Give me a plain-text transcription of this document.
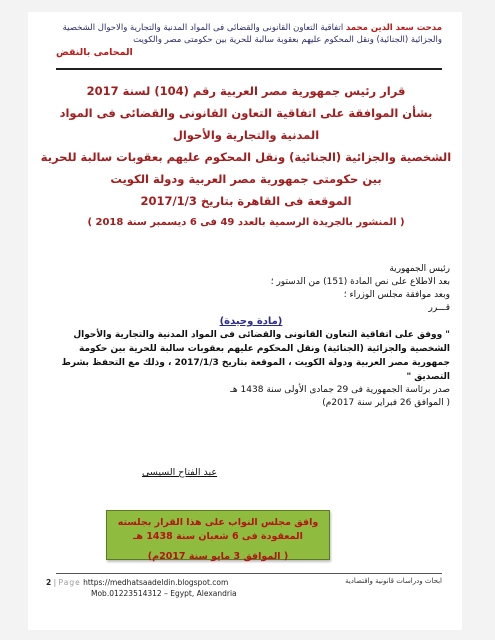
مدحت سعد الدين محمد اتفاقية التعاون القانونى والقضائى فى المواد المدنية والتجارية والاحوال الشخصية والجزائية (الجنائية) ونقل المحكوم عليهم بعقوبة سالبة للحرية بين حكومتى مصر والكويت
المحامى بالنقض
قرار رئيس جمهورية مصر العربية رقم (104) لسنة 2017
بشأن الموافقة على اتفاقية التعاون القانونى والقضائى فى المواد المدنية والتجارية والأحوال
الشخصية والجزائية (الجنائية) ونقل المحكوم عليهم بعقوبات سالبة للحرية
بين حكومتى جمهورية مصر العربية ودولة الكويت
الموقعة فى القاهرة بتاريخ 2017/1/3
( المنشور بالجريدة الرسمية بالعدد 49 فى 6 ديسمبر سنة 2018 )

رئيس الجمهورية

بعد الاطلاع على نص المادة (151) من الدستور ؛

وبعد موافقة مجلس الوزراء ؛

قـــرر

(مادة وحيدة)

" ووفق على اتفاقية التعاون القانونى والقضائى فى المواد المدنية والتجارية والأحوال الشخصية والجزائية (الجنائية) ونقل المحكوم عليهم بعقوبات سالبة للحرية بين حكومة جمهورية مصر العربية ودولة الكويت ، الموقعة بتاريخ 2017/1/3 ، وذلك مع التحفظ بشرط التصديق "

صدر برئاسة الجمهورية فى 29 جمادى الأولى سنة 1438 هـ

( الموافق 26 فبراير سنة 2017م)

عبد الفتاح السيسى
وافق مجلس النواب على هذا القرار بجلسته المعقودة فى 6 شعبان سنة 1438 هـ
( الموافق 3 مايو سنة 2017م)
2 | Page https://medhatsaadeldin.blogspot.com
Mob.01223514312 – Egypt, Alexandria
ابحاث ودراسات قانونية واقتصادية
